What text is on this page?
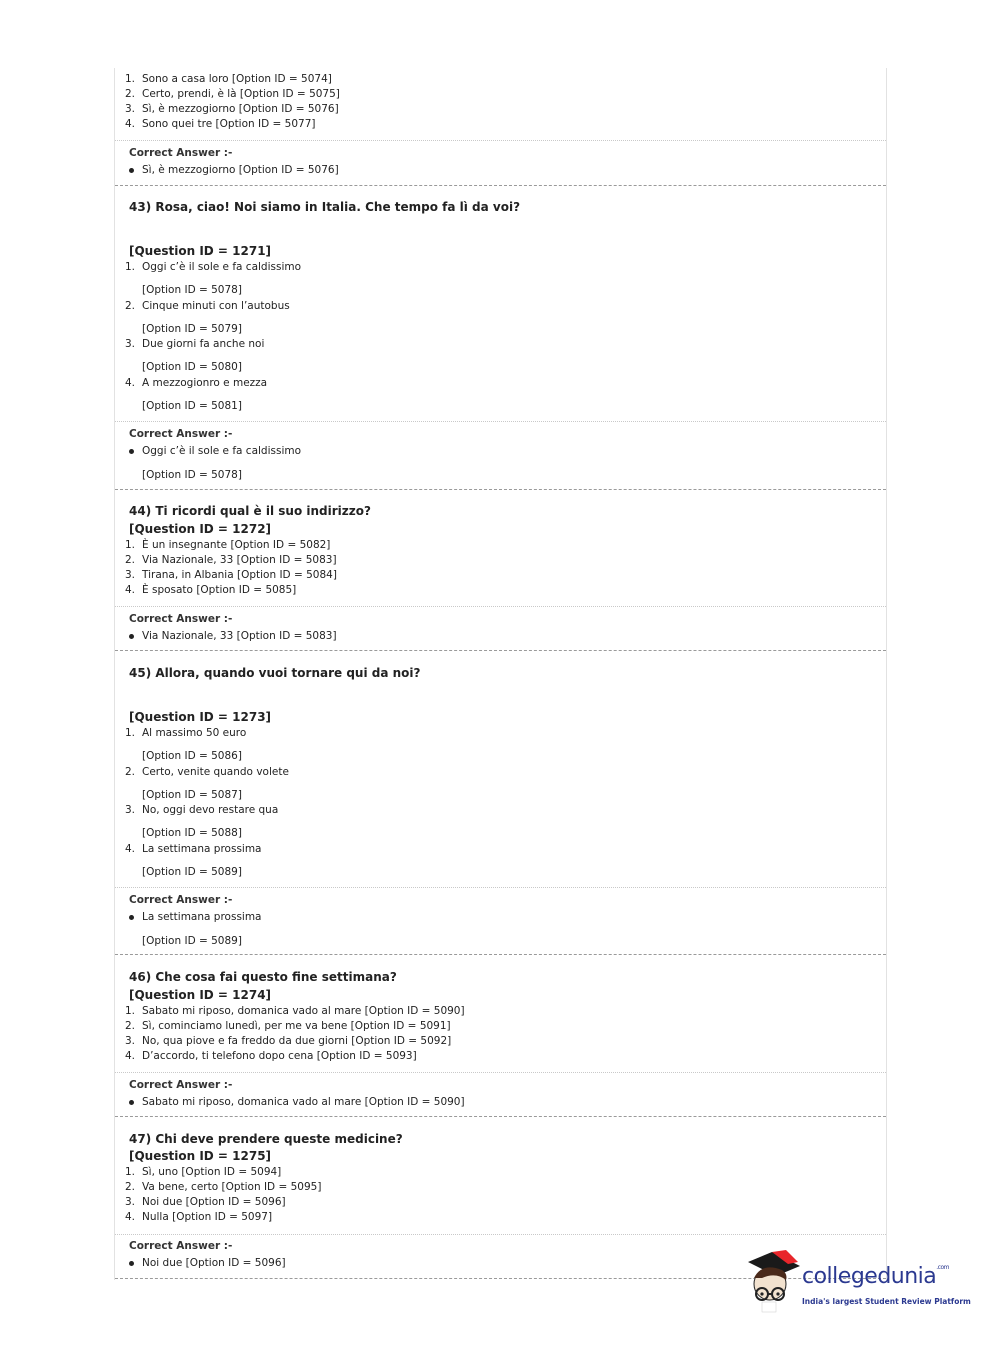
1. Sono a casa loro [Option ID = 5074]
2. Certo, prendi, è là [Option ID = 5075]
3. Sì, è mezzogiorno [Option ID = 5076]
4. Sono quei tre [Option ID = 5077]
Correct Answer :-
Sì, è mezzogiorno [Option ID = 5076]
43) Rosa, ciao! Noi siamo in Italia. Che tempo fa lì da voi?
[Question ID = 1271]
1. Oggi c’è il sole e fa caldissimo
[Option ID = 5078]
2. Cinque minuti con l’autobus
[Option ID = 5079]
3. Due giorni fa anche noi
[Option ID = 5080]
4. A mezzogionro e mezza
[Option ID = 5081]
Correct Answer :-
Oggi c’è il sole e fa caldissimo
[Option ID = 5078]
44) Ti ricordi qual è il suo indirizzo?
[Question ID = 1272]
1. È un insegnante [Option ID = 5082]
2. Via Nazionale, 33 [Option ID = 5083]
3. Tirana, in Albania [Option ID = 5084]
4. È sposato [Option ID = 5085]
Correct Answer :-
Via Nazionale, 33 [Option ID = 5083]
45) Allora, quando vuoi tornare qui da noi?
[Question ID = 1273]
1. Al massimo 50 euro
[Option ID = 5086]
2. Certo, venite quando volete
[Option ID = 5087]
3. No, oggi devo restare qua
[Option ID = 5088]
4. La settimana prossima
[Option ID = 5089]
Correct Answer :-
La settimana prossima
[Option ID = 5089]
46) Che cosa fai questo fine settimana?
[Question ID = 1274]
1. Sabato mi riposo, domanica vado al mare [Option ID = 5090]
2. Sì, cominciamo lunedì, per me va bene [Option ID = 5091]
3. No, qua piove e fa freddo da due giorni [Option ID = 5092]
4. D’accordo, ti telefono dopo cena [Option ID = 5093]
Correct Answer :-
Sabato mi riposo, domanica vado al mare [Option ID = 5090]
47) Chi deve prendere queste medicine?
[Question ID = 1275]
1. Sì, uno [Option ID = 5094]
2. Va bene, certo [Option ID = 5095]
3. Noi due [Option ID = 5096]
4. Nulla [Option ID = 5097]
Correct Answer :-
Noi due [Option ID = 5096]
collegedunia$^{.com}$
India's largest Student Review Platform
